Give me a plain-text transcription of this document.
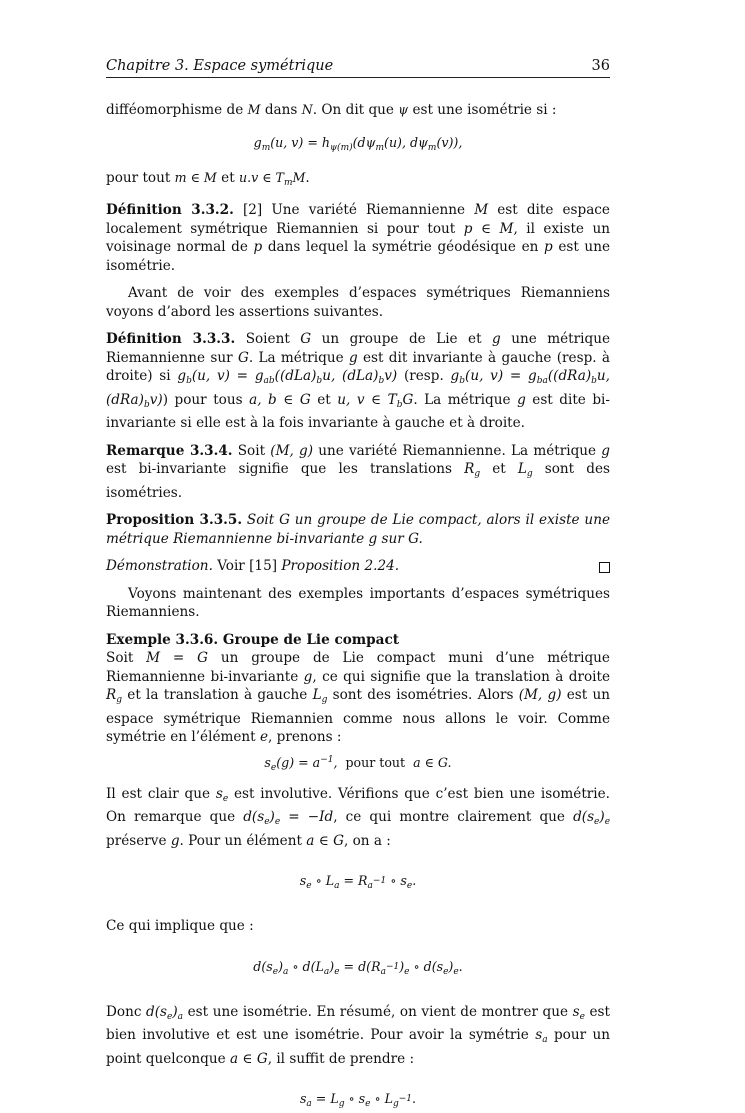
Chapitre 3. Espace symétrique	36

difféomorphisme de M dans N. On dit que ψ est une isométrie si :

$g_m(u$, $v) = h_{\psi(m)}(d\psi_m(u)$, $d\psi_m(v)$),

pour tout m ∈ M et u.v ∈ $T_mM$.

Définition 3.3.2. [2] Une variété Riemannienne M est dite espace localement symétrique Riemannien si pour tout p ∈ M, il existe un voisinage normal de p dans lequel la symétrie géodésique en p est une isométrie.

Avant de voir des exemples d’espaces symétriques Riemanniens voyons d’abord les assertions suivantes.

Définition 3.3.3. Soient G un groupe de Lie et g une métrique Riemannienne sur G. La métrique g est dit invariante à gauche (resp. à droite) si $g_b(u$, $v) = g_{ab}((dLa)_bu$, $(dLa)_bv$) (resp. $g_b(u$, $v) = g_{ba}((dRa)_bu$, $(dRa)_bv$)) pour tous a, b ∈ G et u, v ∈ $T_bG$. La métrique g est dite bi-invariante si elle est à la fois invariante à gauche et à droite.

Remarque 3.3.4. Soit (M, g) une variété Riemannienne. La métrique g est bi-invariante signifie que les translations $R_g$ et $L_g$ sont des isométries.

Proposition 3.3.5. Soit G un groupe de Lie compact, alors il existe une métrique Riemannienne bi-invariante g sur G.

Démonstration. Voir [15] Proposition 2.24.

Voyons maintenant des exemples importants d’espaces symétriques Riemanniens.

Exemple 3.3.6. Groupe de Lie compact

Soit M = G un groupe de Lie compact muni d’une métrique Riemannienne bi-invariante g, ce qui signifie que la translation à droite $R_g$ et la translation à gauche $L_g$ sont des isométries. Alors (M, g) est un espace symétrique Riemannien comme nous allons le voir. Comme symétrie en l’élément e, prenons :

$s_e(g) = a^{-1}$,  pour tout  a ∈ G.

Il est clair que $s_e$ est involutive. Vérifions que c’est bien une isométrie. On remarque que $d(s_e)_e = -Id$, ce qui montre clairement que $d(s_e)_e$ préserve g. Pour un élément a ∈ G, on a :

$s_e$ ∘ $L_a = R_{a^{-1}}$ ∘ $s_e$.

Ce qui implique que :

$d(s_e)_a$ ∘ $d(L_a)_e = d(R_{a^{-1}})_e$ ∘ $d(s_e)_e$.

Donc $d(s_e)_a$ est une isométrie. En résumé, on vient de montrer que $s_e$ est bien involutive et est une isométrie. Pour avoir la symétrie $s_a$ pour un point quelconque a ∈ G, il suffit de prendre :

$s_a = L_g$ ∘ $s_e$ ∘ $L_{g^{-1}}$.
